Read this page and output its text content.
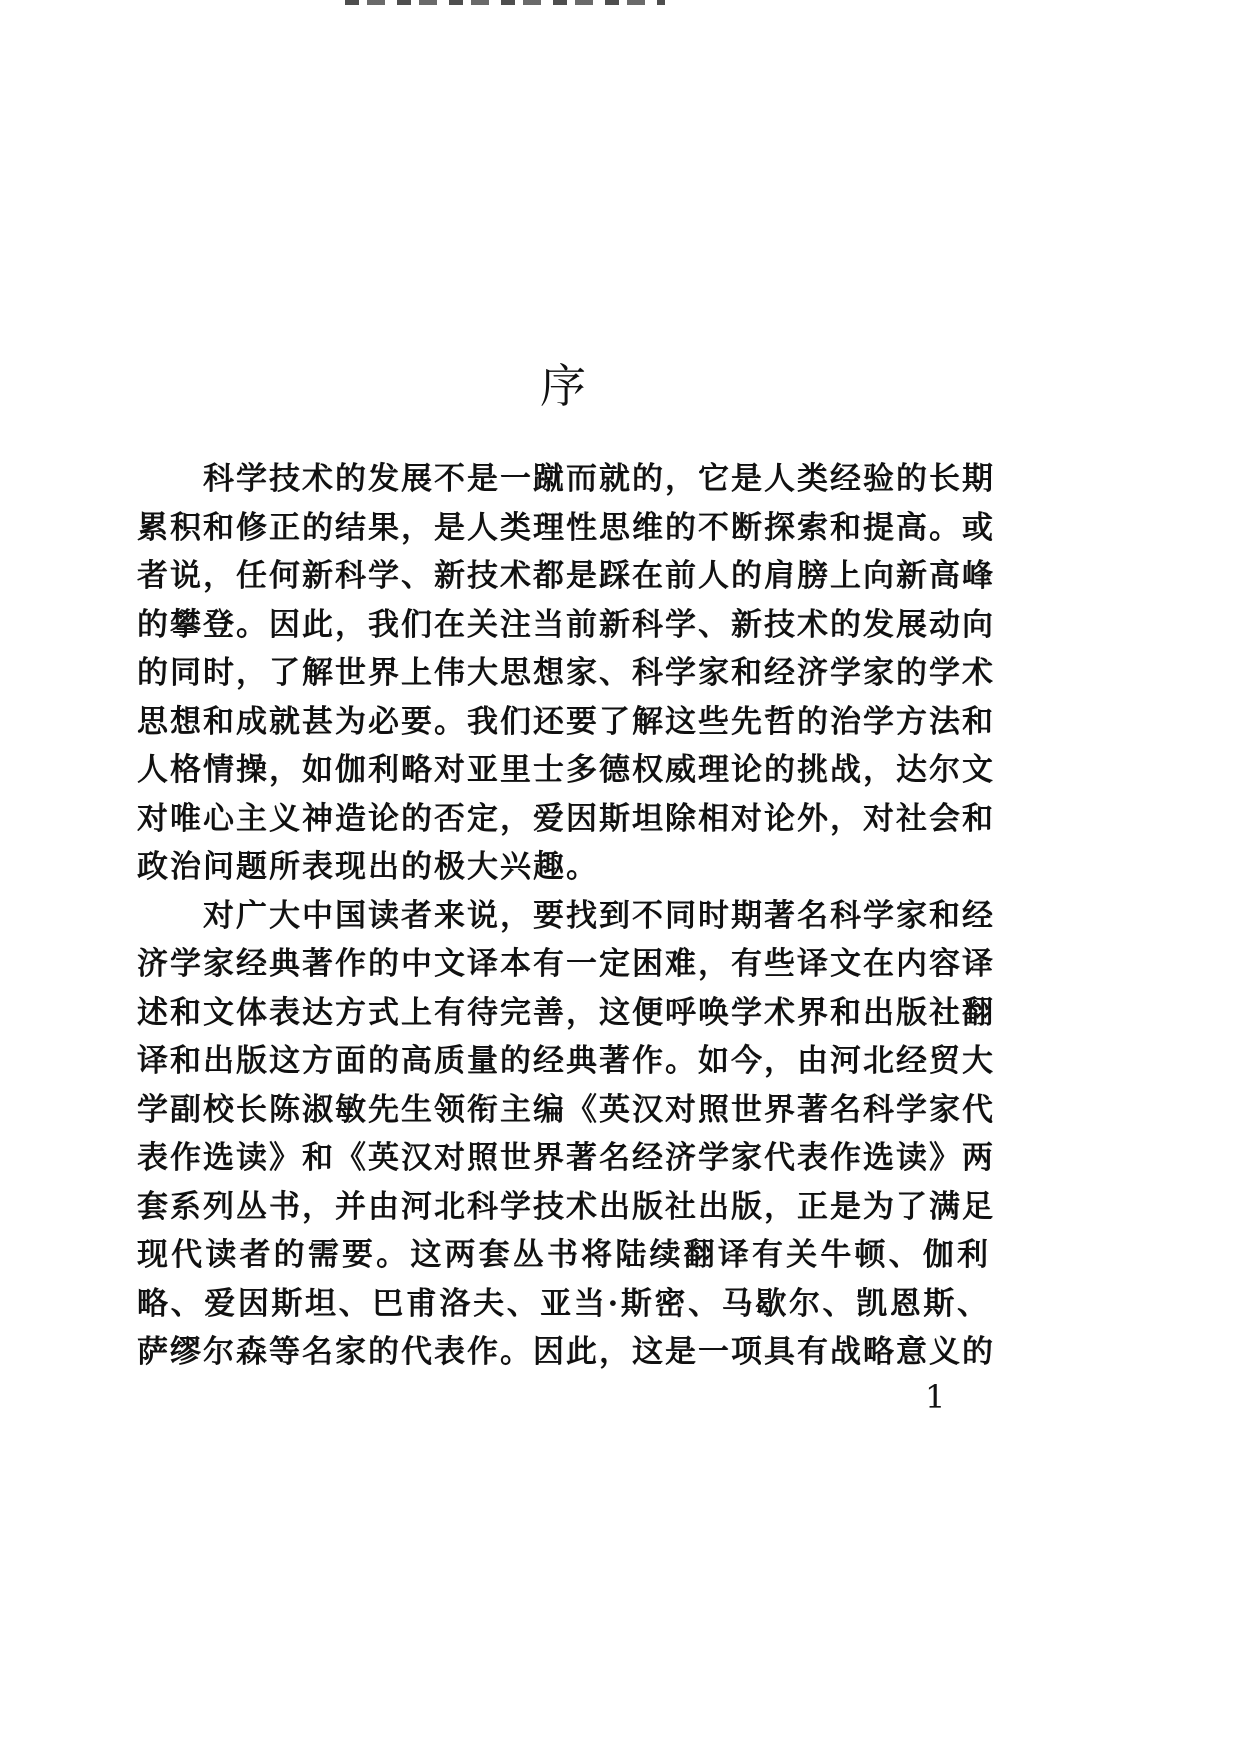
序
科学技术的发展不是一蹴而就的，它是人类经验的长期
累积和修正的结果，是人类理性思维的不断探索和提高。或
者说，任何新科学、新技术都是踩在前人的肩膀上向新高峰
的攀登。因此，我们在关注当前新科学、新技术的发展动向
的同时，了解世界上伟大思想家、科学家和经济学家的学术
思想和成就甚为必要。我们还要了解这些先哲的治学方法和
人格情操，如伽利略对亚里士多德权威理论的挑战，达尔文
对唯心主义神造论的否定，爱因斯坦除相对论外，对社会和
政治问题所表现出的极大兴趣。
对广大中国读者来说，要找到不同时期著名科学家和经
济学家经典著作的中文译本有一定困难，有些译文在内容译
述和文体表达方式上有待完善，这便呼唤学术界和出版社翻
译和出版这方面的高质量的经典著作。如今，由河北经贸大
学副校长陈淑敏先生领衔主编《英汉对照世界著名科学家代
表作选读》和《英汉对照世界著名经济学家代表作选读》两
套系列丛书，并由河北科学技术出版社出版，正是为了满足
现代读者的需要。这两套丛书将陆续翻译有关牛顿、伽利
略、爱因斯坦、巴甫洛夫、亚当·斯密、马歇尔、凯恩斯、
萨缪尔森等名家的代表作。因此，这是一项具有战略意义的
1
